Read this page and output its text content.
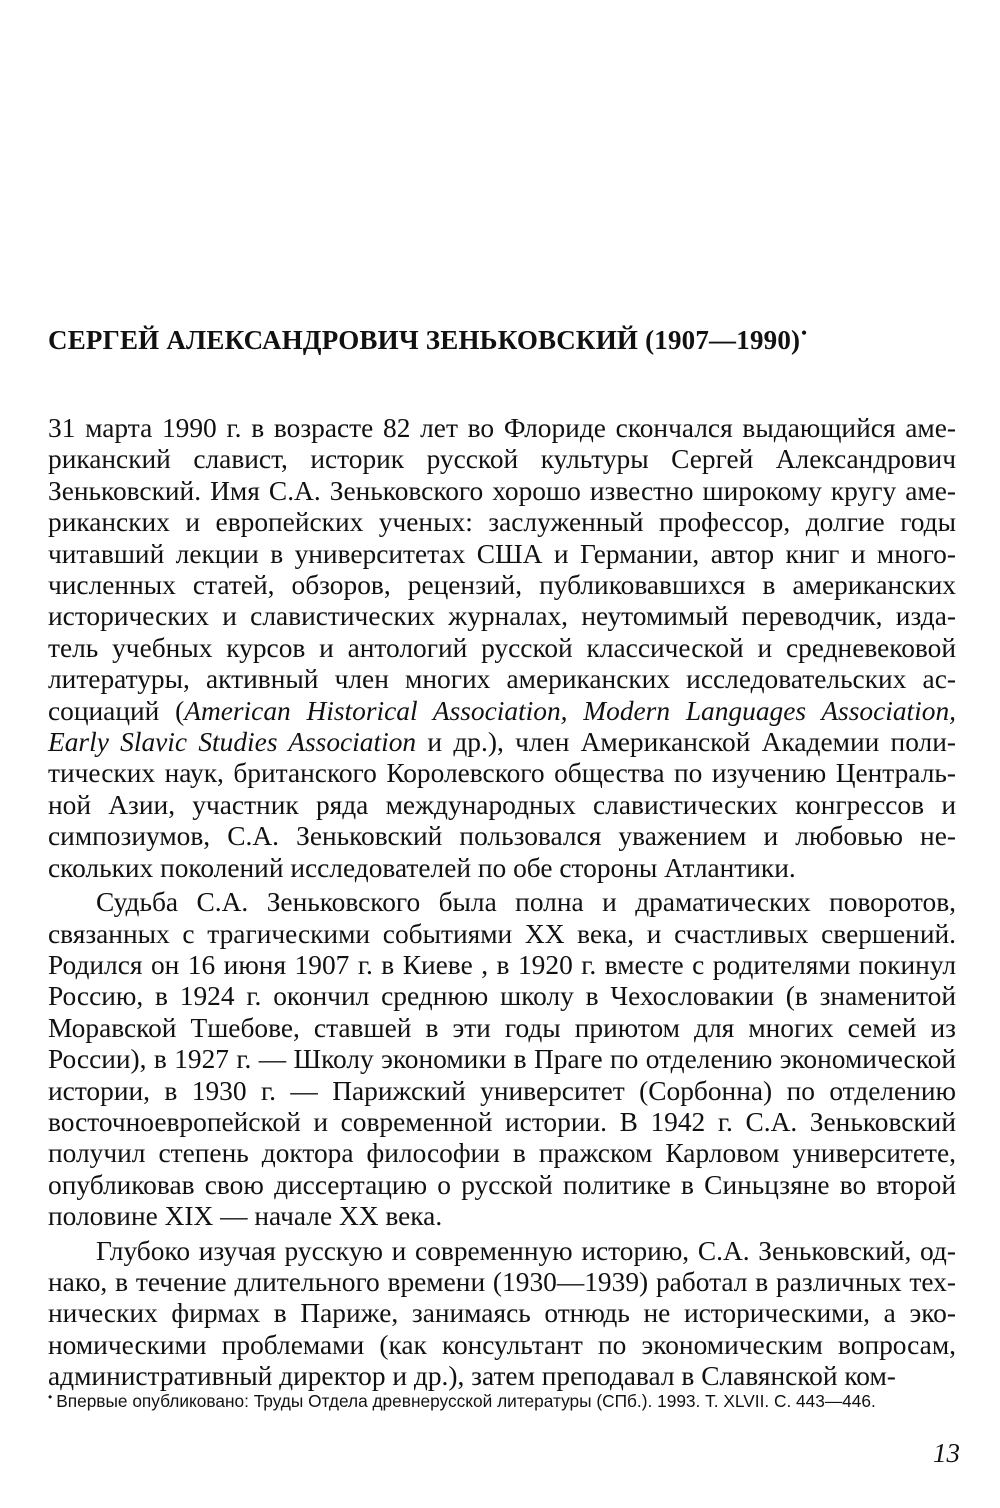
СЕРГЕЙ АЛЕКСАНДРОВИЧ ЗЕНЬКОВСКИЙ (1907—1990)•

31 марта 1990 г. в возрасте 82 лет во Флориде скончался выдающийся американский славист, историк русской культуры Сергей Александрович Зеньковский. Имя С.А. Зеньковского хорошо известно широкому кругу американских и европейских ученых: заслуженный профессор, долгие годы читавший лекции в университетах США и Германии, автор книг и многочисленных статей, обзоров, рецензий, публиковавшихся в американских исторических и славистических журналах, неутомимый переводчик, издатель учебных курсов и антологий русской классической и средневековой литературы, активный член многих американских исследовательских ассоциаций (American Historical Association, Modern Languages Association, Early Slavic Studies Association и др.), член Американской Академии политических наук, британского Королевского общества по изучению Центральной Азии, участник ряда международных славистических конгрессов и симпозиумов, С.А. Зеньковский пользовался уважением и любовью нескольких поколений исследователей по обе стороны Атлантики.

Судьба С.А. Зеньковского была полна и драматических поворотов, связанных с трагическими событиями XX века, и счастливых свершений. Родился он 16 июня 1907 г. в Киеве , в 1920 г. вместе с родителями покинул Россию, в 1924 г. окончил среднюю школу в Чехословакии (в знаменитой Моравской Тшебове, ставшей в эти годы приютом для многих семей из России), в 1927 г. — Школу экономики в Праге по отделению экономической истории, в 1930 г. — Парижский университет (Сорбонна) по отделению восточноевропейской и современной истории. В 1942 г. С.А. Зеньковский получил степень доктора философии в пражском Карловом университете, опубликовав свою диссертацию о русской политике в Синьцзяне во второй половине XIX — начале XX века.

Глубоко изучая русскую и современную историю, С.А. Зеньковский, однако, в течение длительного времени (1930—1939) работал в различных технических фирмах в Париже, занимаясь отнюдь не историческими, а экономическими проблемами (как консультант по экономическим вопросам, административный директор и др.), затем преподавал в Славянской ком-

• Впервые опубликовано: Труды Отдела древнерусской литературы (СПб.). 1993. Т. XLVII. С. 443—446.
13
